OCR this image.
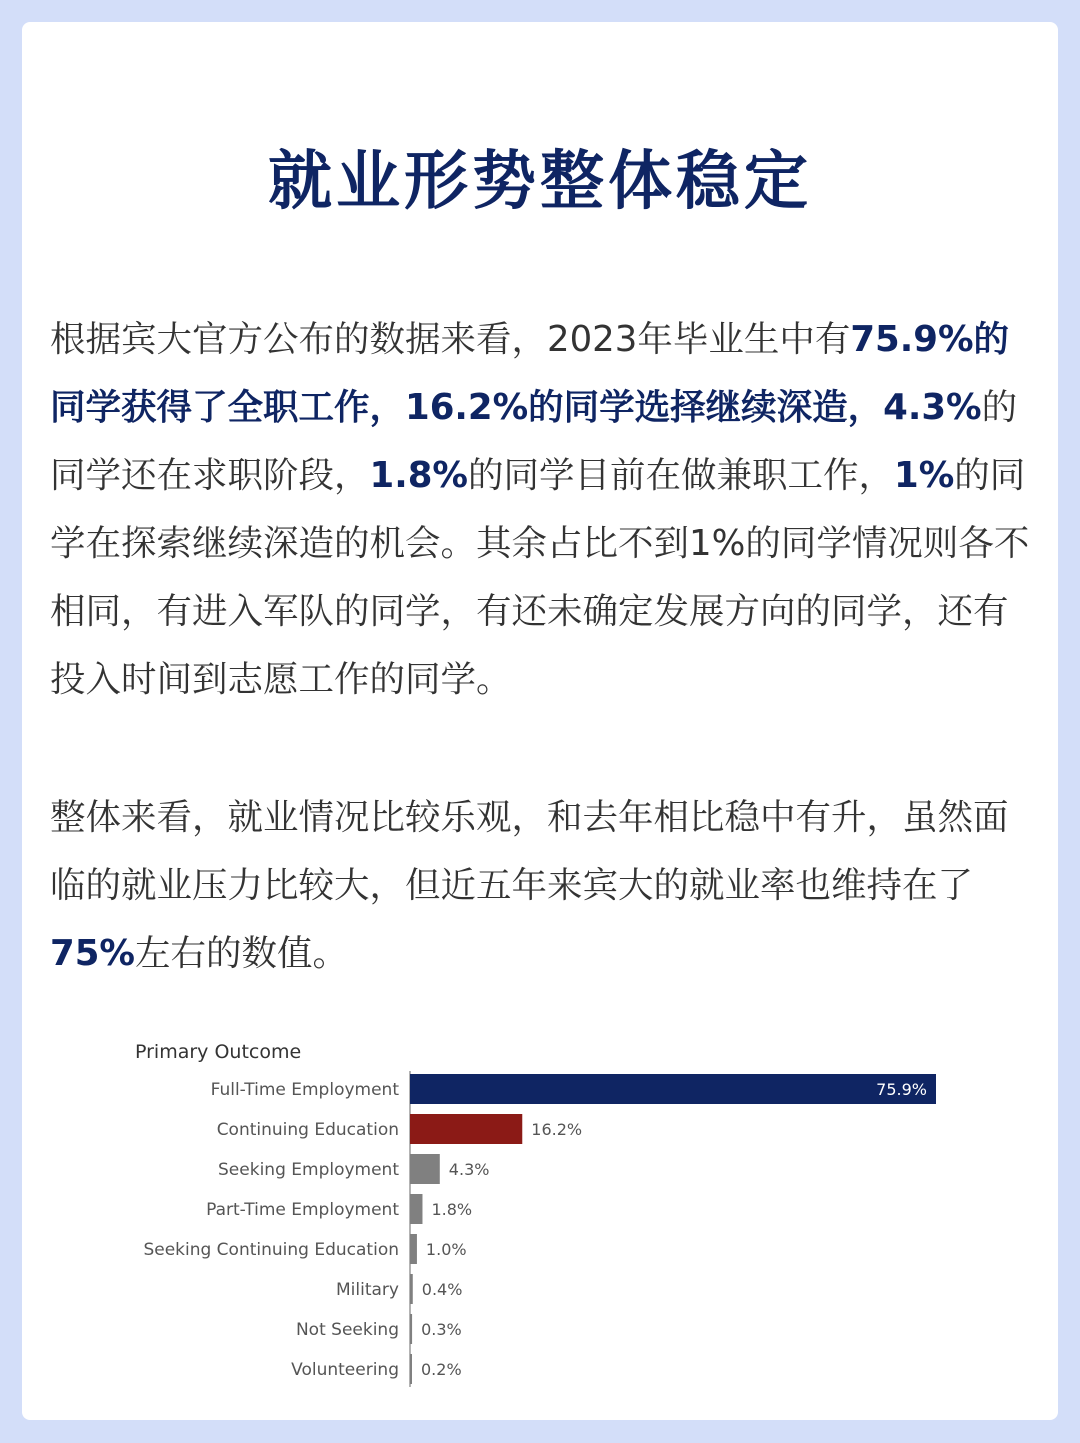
就业形势整体稳定

根据宾大官方公布的数据来看，2023年毕业生中有75.9%的同学获得了全职工作，16.2%的同学选择继续深造，4.3%的同学还在求职阶段，1.8%的同学目前在做兼职工作，1%的同学在探索继续深造的机会。其余占比不到1%的同学情况则各不相同，有进入军队的同学，有还未确定发展方向的同学，还有投入时间到志愿工作的同学。

整体来看，就业情况比较乐观，和去年相比稳中有升，虽然面临的就业压力比较大，但近五年来宾大的就业率也维持在了75%左右的数值。

Primary Outcome
Full-Time Employment	75.9%
Continuing Education	16.2%
Seeking Employment	4.3%
Part-Time Employment 1.8%
Seeking Continuing Education 1.0%
Military 0.4%
Not Seeking 0.3%
Volunteering 0.2%
